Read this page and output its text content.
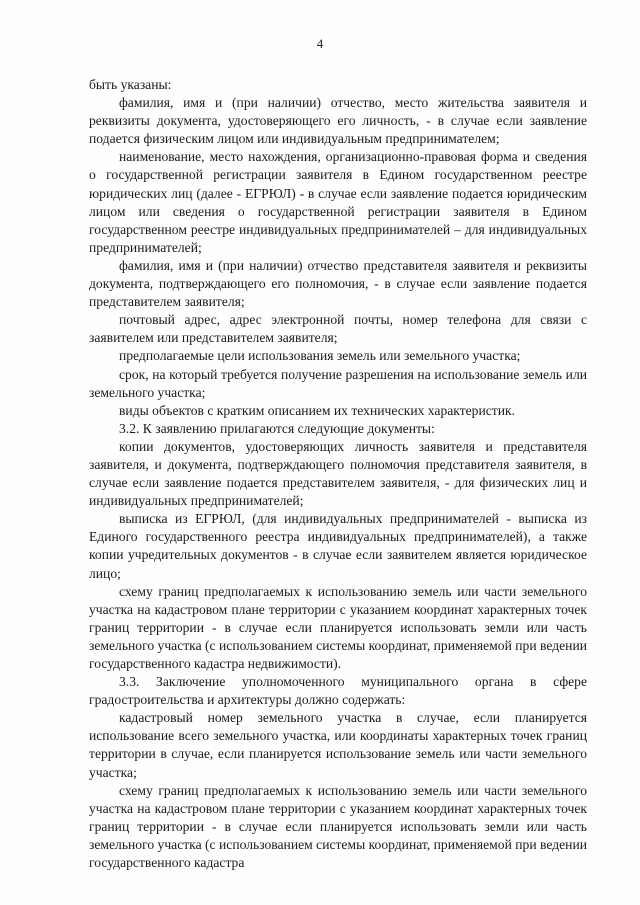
4

быть указаны:

фамилия, имя и (при наличии) отчество, место жительства заявителя и реквизиты документа, удостоверяющего его личность, - в случае если заявление подается физическим лицом или индивидуальным предпринимателем;

наименование, место нахождения, организационно-правовая форма и сведения о государственной регистрации заявителя в Едином государственном реестре юридических лиц (далее - ЕГРЮЛ) - в случае если заявление подается юридическим лицом или сведения о государственной регистрации заявителя в Едином государственном реестре индивидуальных предпринимателей – для индивидуальных предпринимателей;

фамилия, имя и (при наличии) отчество представителя заявителя и реквизиты документа, подтверждающего его полномочия, - в случае если заявление подается представителем заявителя;

почтовый адрес, адрес электронной почты, номер телефона для связи с заявителем или представителем заявителя;

предполагаемые цели использования земель или земельного участка;

срок, на который требуется получение разрешения на использование земель или земельного участка;

виды объектов с кратким описанием их технических характеристик.

3.2. К заявлению прилагаются следующие документы:

копии документов, удостоверяющих личность заявителя и представителя заявителя, и документа, подтверждающего полномочия представителя заявителя, в случае если заявление подается представителем заявителя, - для физических лиц и индивидуальных предпринимателей;

выписка из ЕГРЮЛ, (для индивидуальных предпринимателей - выписка из Единого государственного реестра индивидуальных предпринимателей), а также копии учредительных документов - в случае если заявителем является юридическое лицо;

схему границ предполагаемых к использованию земель или части земельного участка на кадастровом плане территории с указанием координат характерных точек границ территории - в случае если планируется использовать земли или часть земельного участка (с использованием системы координат, применяемой при ведении государственного кадастра недвижимости).

3.3. Заключение уполномоченного муниципального органа в сфере градостроительства и архитектуры должно содержать:

кадастровый номер земельного участка в случае, если планируется использование всего земельного участка, или координаты характерных точек границ территории в случае, если планируется использование земель или части земельного участка;

схему границ предполагаемых к использованию земель или части земельного участка на кадастровом плане территории с указанием координат характерных точек границ территории - в случае если планируется использовать земли или часть земельного участка (с использованием системы координат, применяемой при ведении государственного кадастра
